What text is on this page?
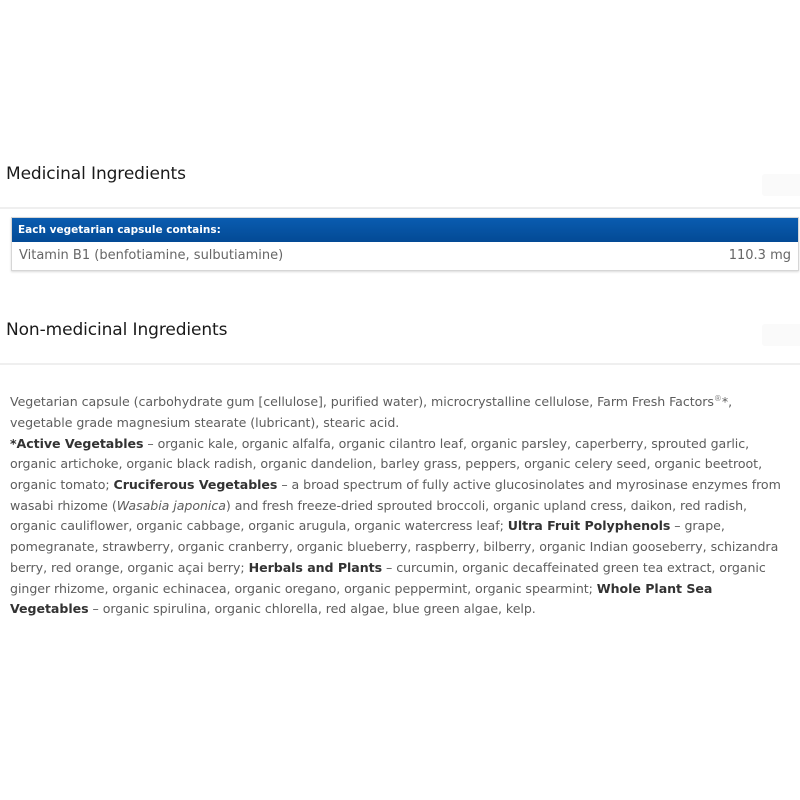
Medicinal Ingredients
Each vegetarian capsule contains:
Vitamin B1 (benfotiamine, sulbutiamine)	110.3 mg
Non-medicinal Ingredients
Vegetarian capsule (carbohydrate gum [cellulose], purified water), microcrystalline cellulose, Farm Fresh Factors®*, vegetable grade magnesium stearate (lubricant), stearic acid.
*Active Vegetables – organic kale, organic alfalfa, organic cilantro leaf, organic parsley, caperberry, sprouted garlic, organic artichoke, organic black radish, organic dandelion, barley grass, peppers, organic celery seed, organic beetroot, organic tomato; Cruciferous Vegetables – a broad spectrum of fully active glucosinolates and myrosinase enzymes from wasabi rhizome (Wasabia japonica) and fresh freeze-dried sprouted broccoli, organic upland cress, daikon, red radish, organic cauliflower, organic cabbage, organic arugula, organic watercress leaf; Ultra Fruit Polyphenols – grape, pomegranate, strawberry, organic cranberry, organic blueberry, raspberry, bilberry, organic Indian gooseberry, schizandra berry, red orange, organic açai berry; Herbals and Plants – curcumin, organic decaffeinated green tea extract, organic ginger rhizome, organic echinacea, organic oregano, organic peppermint, organic spearmint; Whole Plant Sea Vegetables – organic spirulina, organic chlorella, red algae, blue green algae, kelp.
